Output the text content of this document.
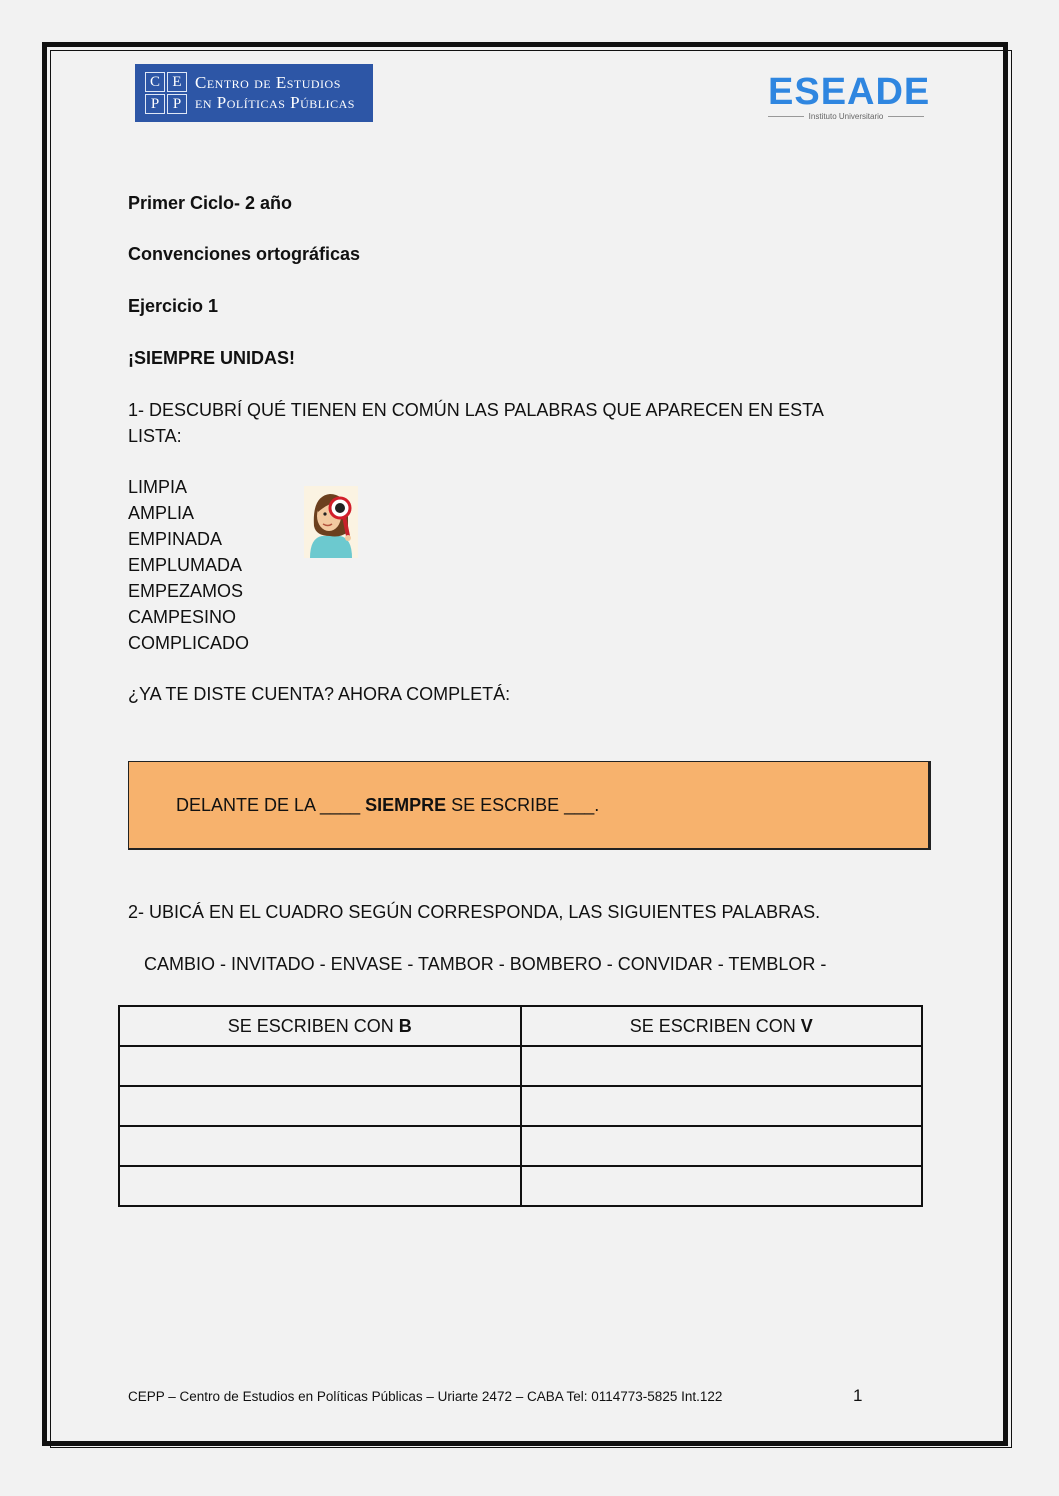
C E
P P
Centro de Estudios
en Políticas Públicas	ESEADE
Instituto Universitario
Primer Ciclo- 2 año
Convenciones ortográficas
Ejercicio 1
¡SIEMPRE UNIDAS!
1- DESCUBRÍ QUÉ TIENEN EN COMÚN LAS PALABRAS QUE APARECEN EN ESTA
LISTA:
LIMPIA
AMPLIA
EMPINADA
EMPLUMADA
EMPEZAMOS
CAMPESINO
COMPLICADO
¿YA TE DISTE CUENTA? AHORA COMPLETÁ:
DELANTE DE LA ____ SIEMPRE SE ESCRIBE ___.
2- UBICÁ EN EL CUADRO SEGÚN CORRESPONDA, LAS SIGUIENTES PALABRAS.
CAMBIO - INVITADO - ENVASE - TAMBOR - BOMBERO - CONVIDAR - TEMBLOR -
SE ESCRIBEN CON B	SE ESCRIBEN CON V

CEPP – Centro de Estudios en Políticas Públicas – Uriarte 2472 – CABA Tel: 0114773-5825 Int.122	1
